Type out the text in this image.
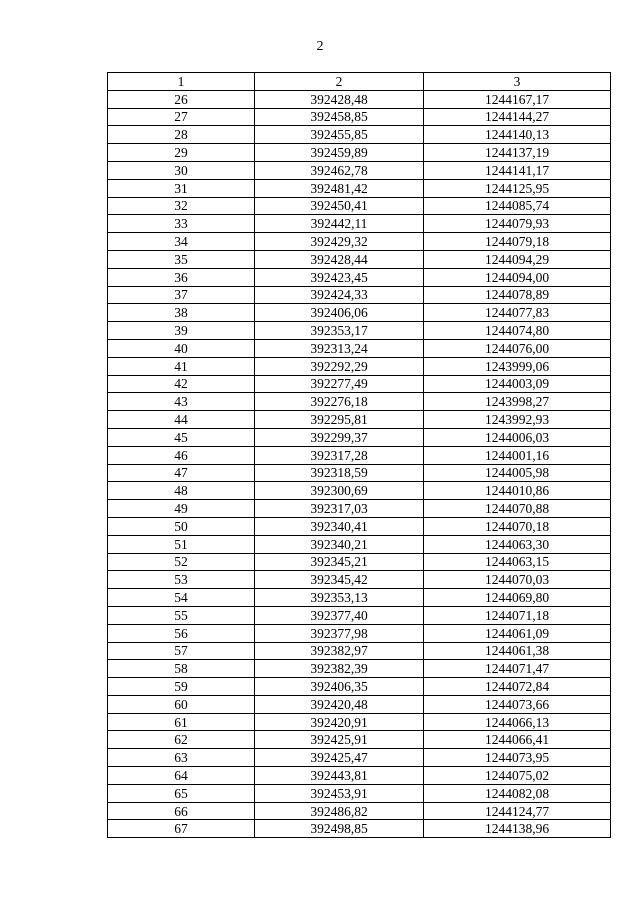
2
1	2	3
26	392428,48	1244167,17
27	392458,85	1244144,27
28	392455,85	1244140,13
29	392459,89	1244137,19
30	392462,78	1244141,17
31	392481,42	1244125,95
32	392450,41	1244085,74
33	392442,11	1244079,93
34	392429,32	1244079,18
35	392428,44	1244094,29
36	392423,45	1244094,00
37	392424,33	1244078,89
38	392406,06	1244077,83
39	392353,17	1244074,80
40	392313,24	1244076,00
41	392292,29	1243999,06
42	392277,49	1244003,09
43	392276,18	1243998,27
44	392295,81	1243992,93
45	392299,37	1244006,03
46	392317,28	1244001,16
47	392318,59	1244005,98
48	392300,69	1244010,86
49	392317,03	1244070,88
50	392340,41	1244070,18
51	392340,21	1244063,30
52	392345,21	1244063,15
53	392345,42	1244070,03
54	392353,13	1244069,80
55	392377,40	1244071,18
56	392377,98	1244061,09
57	392382,97	1244061,38
58	392382,39	1244071,47
59	392406,35	1244072,84
60	392420,48	1244073,66
61	392420,91	1244066,13
62	392425,91	1244066,41
63	392425,47	1244073,95
64	392443,81	1244075,02
65	392453,91	1244082,08
66	392486,82	1244124,77
67	392498,85	1244138,96
